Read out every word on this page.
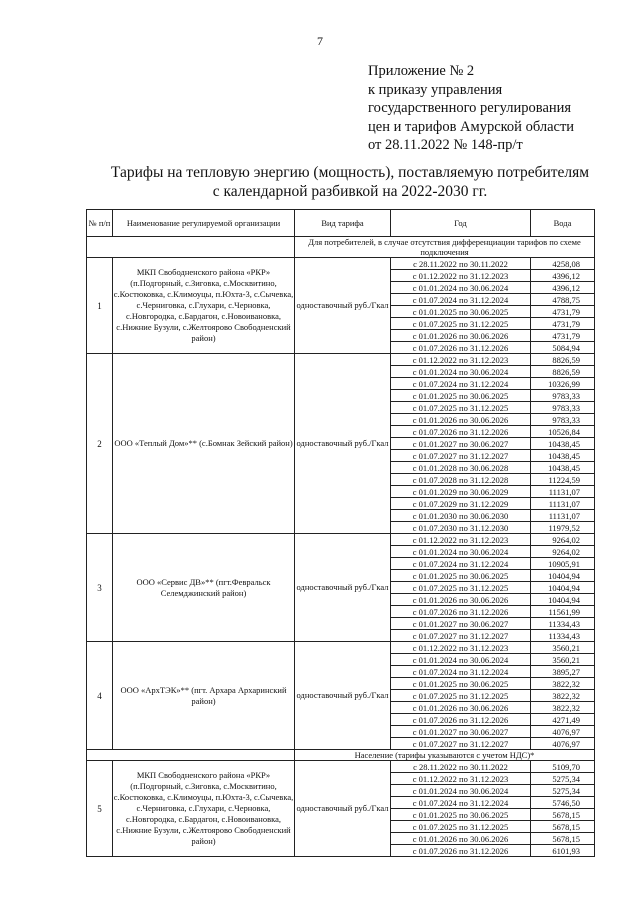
7
Приложение № 2
к приказу управления
государственного регулирования
цен и тарифов Амурской области
от 28.11.2022 № 148-пр/т
Тарифы на тепловую энергию (мощность), поставляемую потребителям
с календарной разбивкой на 2022-2030 гг.
№ п/п	Наименование регулируемой организации	Вид тарифа	Год	Вода
		Для потребителей, в случае отсутствия дифференциации тарифов по схеме подключения		
1	МКП Свободненского района «РКР» (п.Подгорный, с.Зиговка, с.Москвитино, с.Костюковка, с.Климоуцы, п.Юхта-3, с.Сычевка, с.Черниговка, с.Глухари, с.Черновка, с.Новгородка, с.Бардагон, с.Новоивановка, с.Нижние Бузули, с.Желтоярово Свободненский район)	одноставочный руб./Гкал	с 28.11.2022 по 30.11.2022	4258,08
			с 01.12.2022 по 31.12.2023	4396,12
			с 01.01.2024 по 30.06.2024	4396,12
			с 01.07.2024 по 31.12.2024	4788,75
			с 01.01.2025 по 30.06.2025	4731,79
			с 01.07.2025 по 31.12.2025	4731,79
			с 01.01.2026 по 30.06.2026	4731,79
			с 01.07.2026 по 31.12.2026	5084,94
2	ООО «Теплый Дом»** (с.Бомнак Зейский район)	одноставочный руб./Гкал	с 01.12.2022 по 31.12.2023	8826,59
			с 01.01.2024 по 30.06.2024	8826,59
			с 01.07.2024 по 31.12.2024	10326,99
			с 01.01.2025 по 30.06.2025	9783,33
			с 01.07.2025 по 31.12.2025	9783,33
			с 01.01.2026 по 30.06.2026	9783,33
			с 01.07.2026 по 31.12.2026	10526,84
			с 01.01.2027 по 30.06.2027	10438,45
			с 01.07.2027 по 31.12.2027	10438,45
			с 01.01.2028 по 30.06.2028	10438,45
			с 01.07.2028 по 31.12.2028	11224,59
			с 01.01.2029 по 30.06.2029	11131,07
			с 01.07.2029 по 31.12.2029	11131,07
			с 01.01.2030 по 30.06.2030	11131,07
			с 01.07.2030 по 31.12.2030	11979,52
3	ООО «Сервис ДВ»** (пгт.Февральск Селемджинский район)	одноставочный руб./Гкал	с 01.12.2022 по 31.12.2023	9264,02
			с 01.01.2024 по 30.06.2024	9264,02
			с 01.07.2024 по 31.12.2024	10905,91
			с 01.01.2025 по 30.06.2025	10404,94
			с 01.07.2025 по 31.12.2025	10404,94
			с 01.01.2026 по 30.06.2026	10404,94
			с 01.07.2026 по 31.12.2026	11561,99
			с 01.01.2027 по 30.06.2027	11334,43
			с 01.07.2027 по 31.12.2027	11334,43
4	ООО «АрхТЭК»** (пгт. Архара Архаринский район)	одноставочный руб./Гкал	с 01.12.2022 по 31.12.2023	3560,21
			с 01.01.2024 по 30.06.2024	3560,21
			с 01.07.2024 по 31.12.2024	3895,27
			с 01.01.2025 по 30.06.2025	3822,32
			с 01.07.2025 по 31.12.2025	3822,32
			с 01.01.2026 по 30.06.2026	3822,32
			с 01.07.2026 по 31.12.2026	4271,49
			с 01.01.2027 по 30.06.2027	4076,97
			с 01.07.2027 по 31.12.2027	4076,97
		Население (тарифы указываются с учетом НДС)*		
5	МКП Свободненского района «РКР» (п.Подгорный, с.Зиговка, с.Москвитино, с.Костюковка, с.Климоуцы, п.Юхта-3, с.Сычевка, с.Черниговка, с.Глухари, с.Черновка, с.Новгородка, с.Бардагон, с.Новоивановка, с.Нижние Бузули, с.Желтоярово Свободненский район)	одноставочный руб./Гкал	с 28.11.2022 по 30.11.2022	5109,70
			с 01.12.2022 по 31.12.2023	5275,34
			с 01.01.2024 по 30.06.2024	5275,34
			с 01.07.2024 по 31.12.2024	5746,50
			с 01.01.2025 по 30.06.2025	5678,15
			с 01.07.2025 по 31.12.2025	5678,15
			с 01.01.2026 по 30.06.2026	5678,15
			с 01.07.2026 по 31.12.2026	6101,93
